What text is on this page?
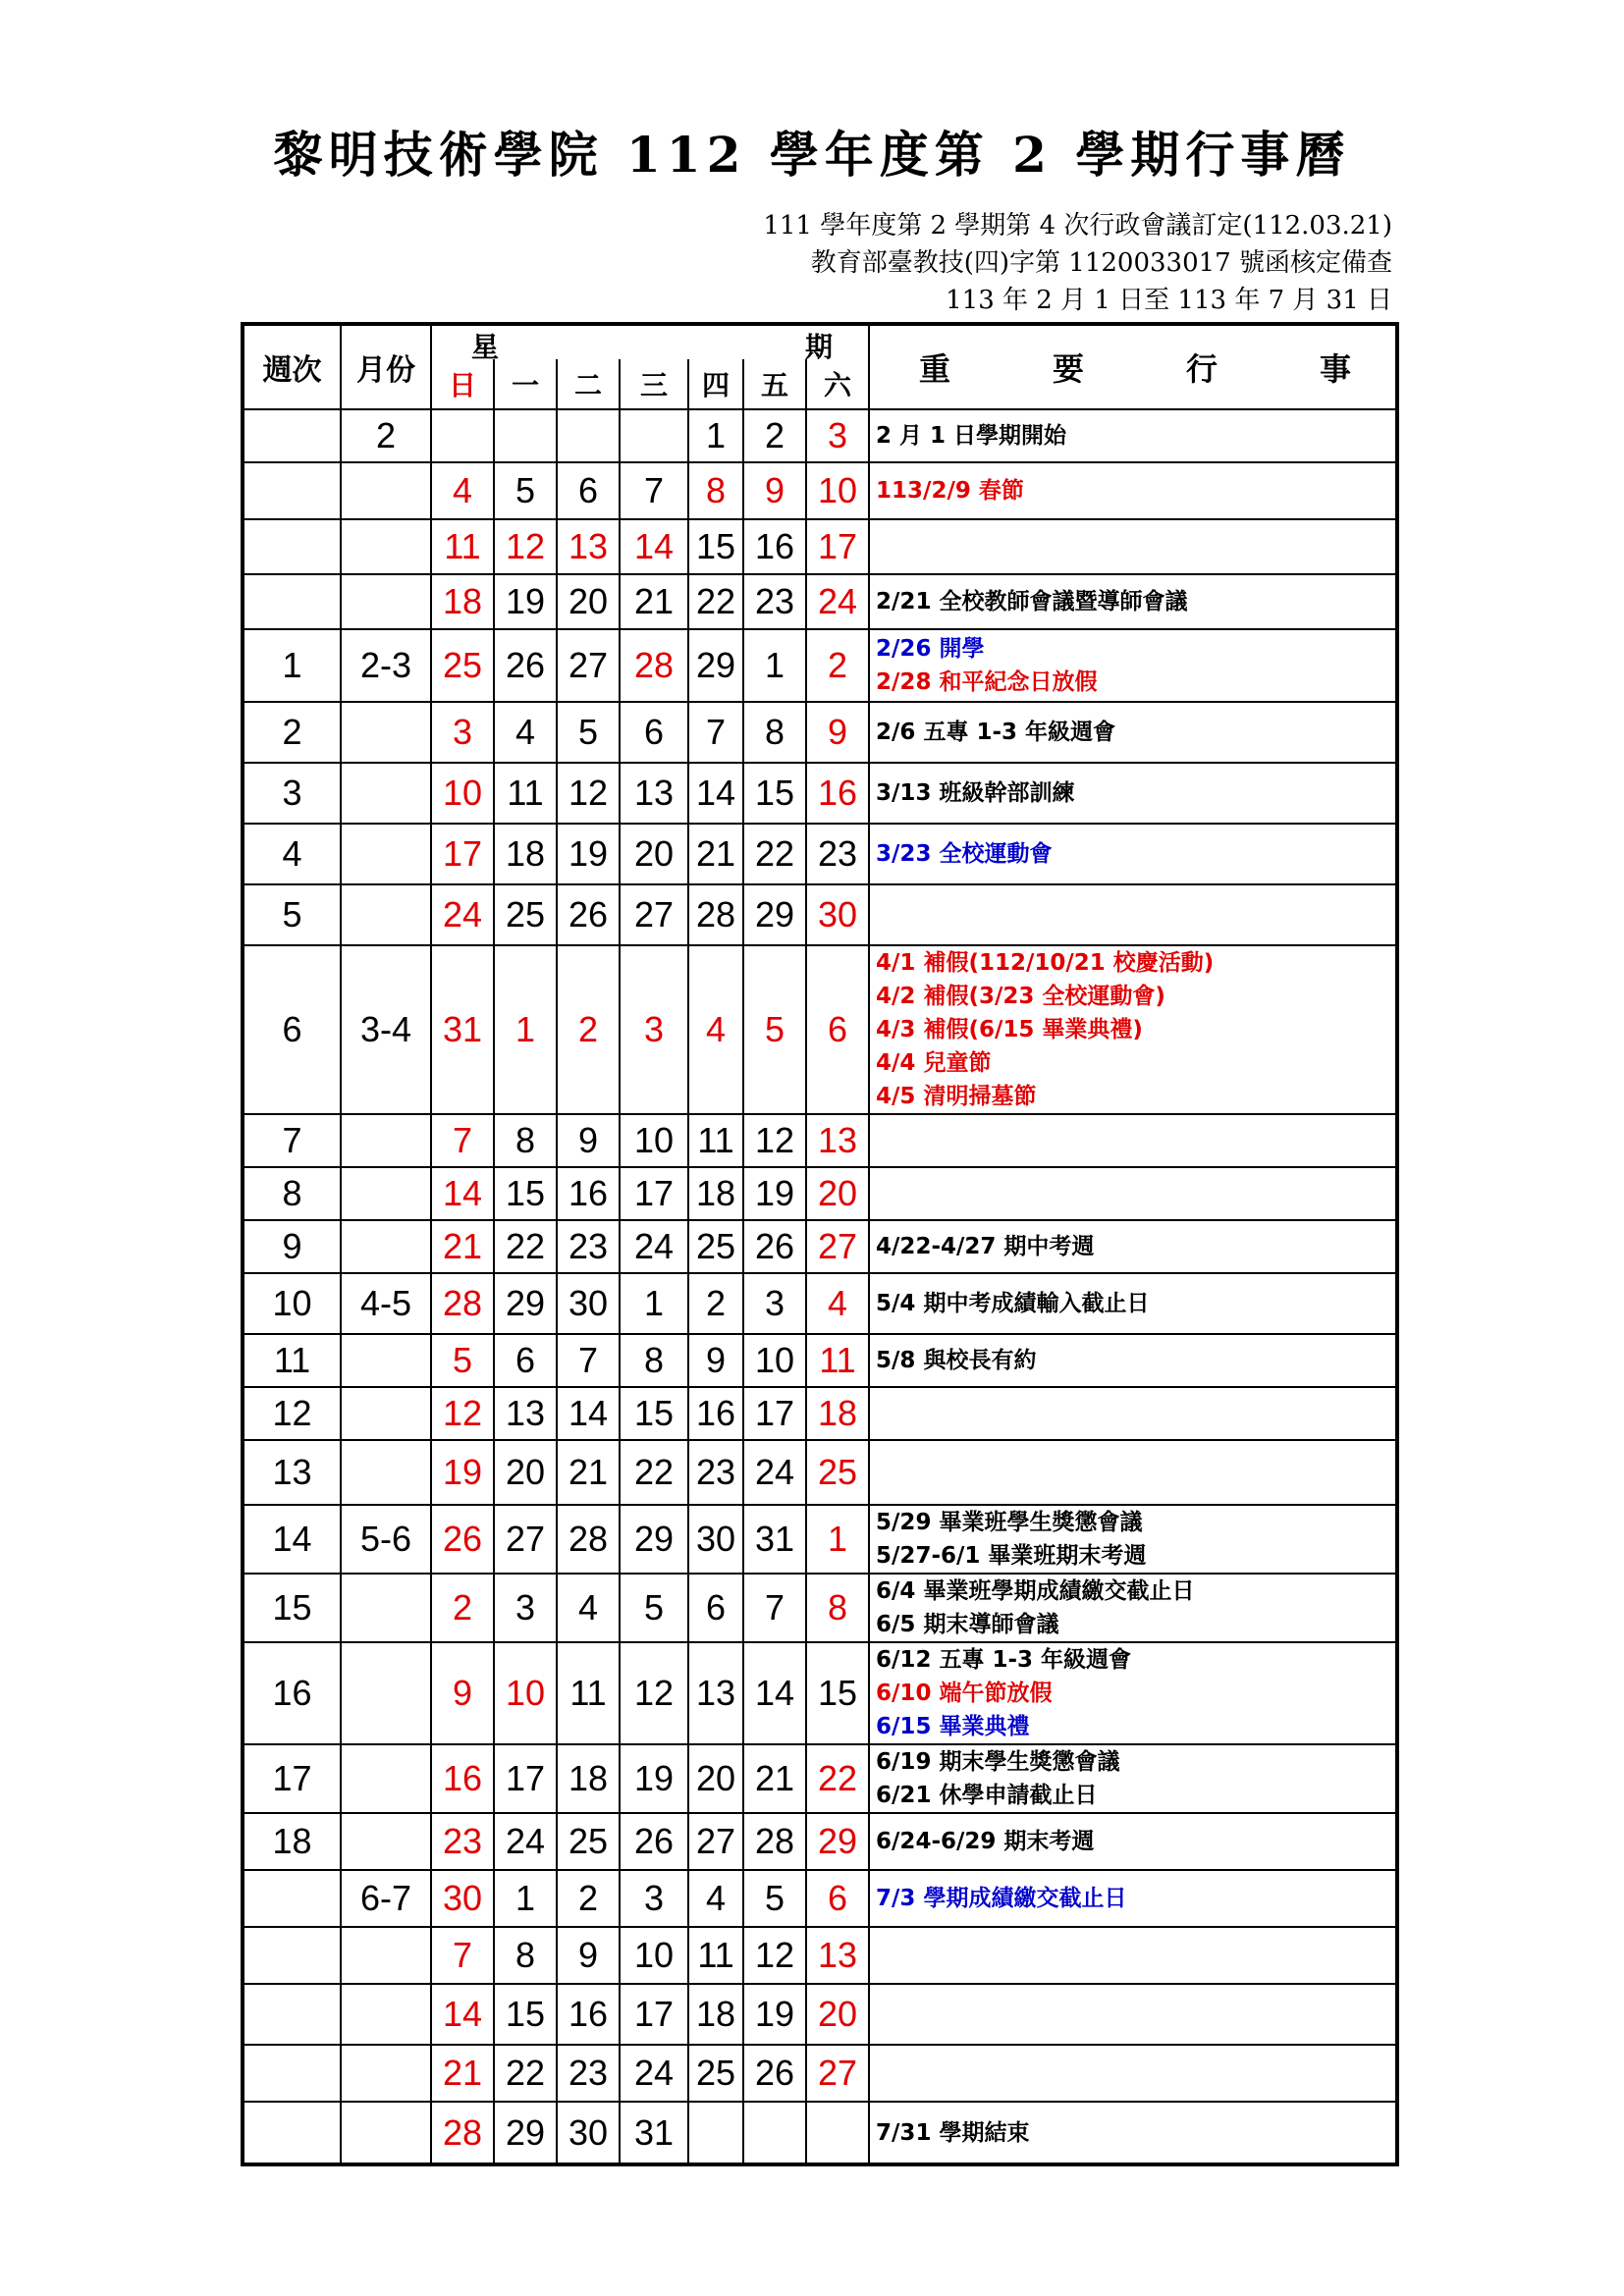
黎明技術學院 112 學年度第 2 學期行事曆
111 學年度第 2 學期第 4 次行政會議訂定(112.03.21)
教育部臺教技(四)字第 1120033017 號函核定備查
113 年 2 月 1 日至 113 年 7 月 31 日
週次	月份	星 期							重 要 行 事

		日	一	二	三	四	五	六	
	2					1	2	3	2 月 1 日學期開始

		4	5	6	7	8	9	10	113/2/9 春節

		11	12	13	14	15	16	17	
		18	19	20	21	22	23	24	2/21 全校教師會議暨導師會議

1	2-3	25	26	27	28	29	1	2	2/26 開學
2/28 和平紀念日放假

2		3	4	5	6	7	8	9	2/6 五專 1-3 年級週會

3		10	11	12	13	14	15	16	3/13 班級幹部訓練

4		17	18	19	20	21	22	23	3/23 全校運動會

5		24	25	26	27	28	29	30	
6	3-4	31	1	2	3	4	5	6	4/1 補假(112/10/21 校慶活動)
4/2 補假(3/23 全校運動會)
4/3 補假(6/15 畢業典禮)
4/4 兒童節
4/5 清明掃墓節

7		7	8	9	10	11	12	13	
8		14	15	16	17	18	19	20	
9		21	22	23	24	25	26	27	4/22-4/27 期中考週

10	4-5	28	29	30	1	2	3	4	5/4 期中考成績輸入截止日

11		5	6	7	8	9	10	11	5/8 與校長有約

12		12	13	14	15	16	17	18	
13		19	20	21	22	23	24	25	
14	5-6	26	27	28	29	30	31	1	5/29 畢業班學生獎懲會議
5/27-6/1 畢業班期末考週

15		2	3	4	5	6	7	8	6/4 畢業班學期成績繳交截止日
6/5 期末導師會議

16		9	10	11	12	13	14	15	6/12 五專 1-3 年級週會
6/10 端午節放假
6/15 畢業典禮

17		16	17	18	19	20	21	22	6/19 期末學生獎懲會議
6/21 休學申請截止日

18		23	24	25	26	27	28	29	6/24-6/29 期末考週

	6-7	30	1	2	3	4	5	6	7/3 學期成績繳交截止日

		7	8	9	10	11	12	13	
		14	15	16	17	18	19	20	
		21	22	23	24	25	26	27	
		28	29	30	31				7/31 學期結束
